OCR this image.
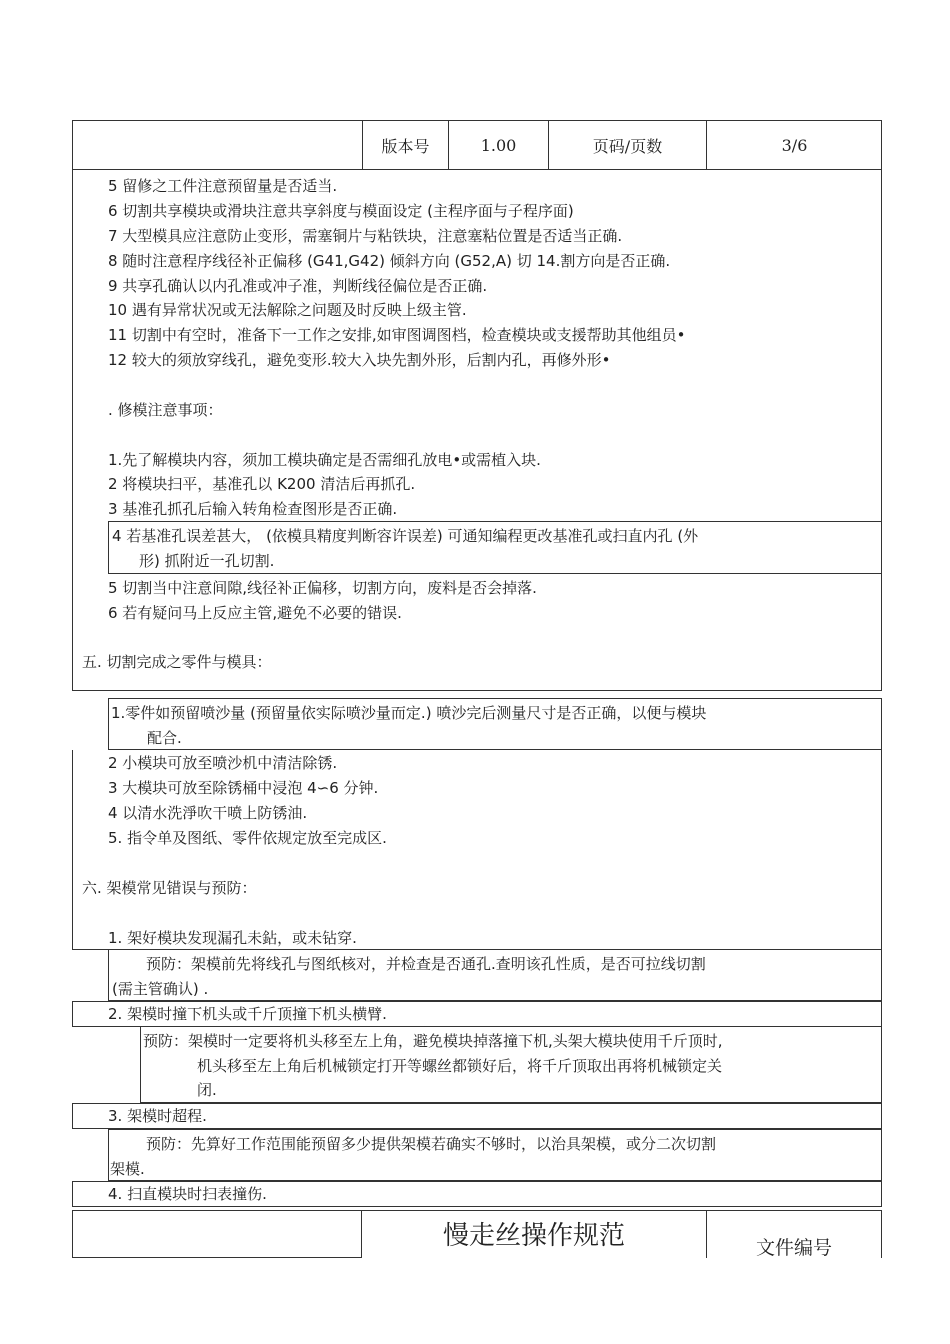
版本号	1.00	页码/页数	3/6
5 留修之工件注意预留量是否适当.
6 切割共享模块或滑块注意共享斜度与模面设定 (主程序面与子程序面)
7 大型模具应注意防止变形，需塞铜片与粘铁块，注意塞粘位置是否适当正确.
8 随时注意程序线径补正偏移 (G41,G42) 倾斜方向 (G52,A) 切 14.割方向是否正确.
9 共享孔确认以内孔准或冲子准，判断线径偏位是否正确.
10 遇有异常状况或无法解除之问题及时反映上级主管.
11 切割中有空时，准备下一工作之安排,如审图调图档，检查模块或支援帮助其他组员•
12 较大的须放穿线孔，避免变形.较大入块先割外形，后割内孔，再修外形•
. 修模注意事项：
1.先了解模块内容，须加工模块确定是否需细孔放电•或需植入块.
2 将模块扫平，基准孔以 K200 清洁后再抓孔.
3 基准孔抓孔后输入转角检查图形是否正确.
4 若基准孔误差甚大， (依模具精度判断容许误差) 可通知编程更改基准孔或扫直内孔 (外
形) 抓附近一孔切割.
5 切割当中注意间隙,线径补正偏移，切割方向，废料是否会掉落.
6 若有疑问马上反应主管,避免不必要的错误.
五. 切割完成之零件与模具：
1.零件如预留喷沙量 (预留量依实际喷沙量而定.) 喷沙完后测量尺寸是否正确，以便与模块
配合.
2 小模块可放至喷沙机中清洁除锈.
3 大模块可放至除锈桶中浸泡 4∽6 分钟.
4 以清水洗淨吹干喷上防锈油.
5. 指令单及图纸、零件依规定放至完成区.
六. 架模常见错误与预防：
1. 架好模块发现漏孔未鉆，或未钻穿.
预防：架模前先将线孔与图纸核对，并检查是否通孔.查明该孔性质，是否可拉线切割
(需主管确认) .
2. 架模时撞下机头或千斤顶撞下机头横臂.
预防：架模时一定要将机头移至左上角，避免模块掉落撞下机,头架大模块使用千斤顶时,
机头移至左上角后机械锁定打开等螺丝都锁好后，将千斤顶取出再将机械锁定关
闭.
3. 架模时超程.
预防：先算好工作范围能预留多少提供架模若确实不够时，以治具架模，或分二次切割
架模.
4. 扫直模块时扫表撞伤.
慢走丝操作规范	文件编号
